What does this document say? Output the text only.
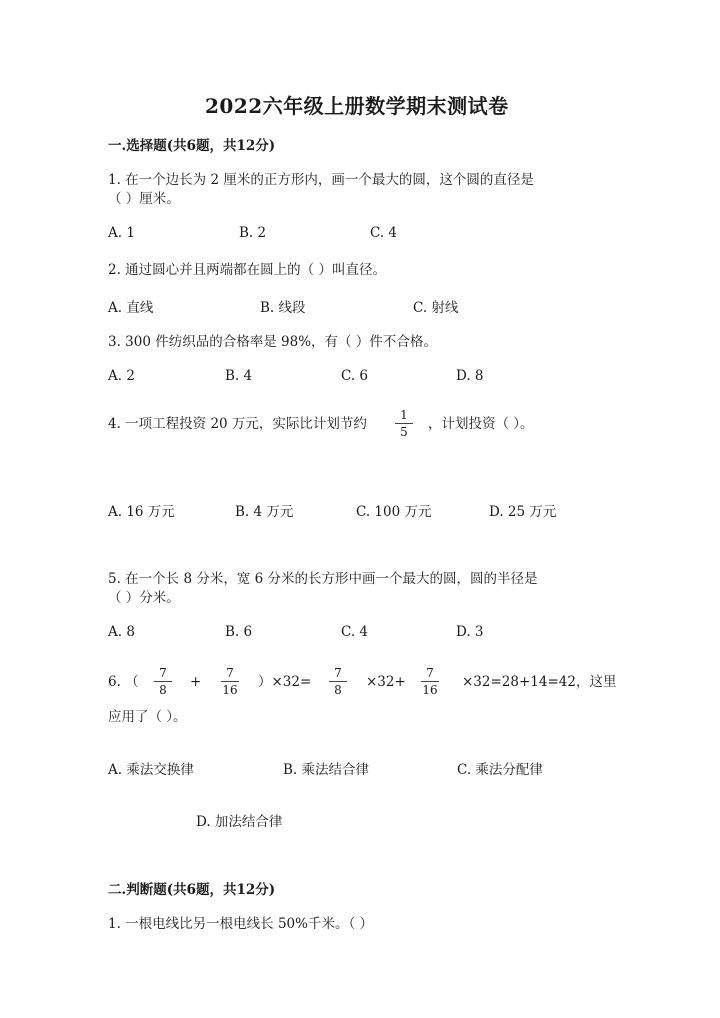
2022六年级上册数学期末测试卷
一.选择题(共6题，共12分)
1. 在一个边长为 2 厘米的正方形内，画一个最大的圆，这个圆的直径是
（ ）厘米。
A. 1	B. 2	C. 4
2. 通过圆心并且两端都在圆上的（ ）叫直径。
A. 直线	B. 线段	C. 射线
3. 300 件纺织品的合格率是 98%，有（ ）件不合格。
A. 2	B. 4	C. 6	D. 8
4. 一项工程投资 20 万元，实际比计划节约
1
5	，计划投资（ ）。
A. 16 万元	B. 4 万元	C. 100 万元	D. 25 万元
5. 在一个长 8 分米，宽 6 分米的长方形中画一个最大的圆，圆的半径是
（ ）分米。
A. 8	B. 6	C. 4	D. 3
6. （
7
8	+
7
16 ）×32=
7
8	×32+
7
16 ×32=28+14=42，这里
应用了（ ）。
A. 乘法交换律	B. 乘法结合律	C. 乘法分配律
D. 加法结合律
二.判断题(共6题，共12分)
1. 一根电线比另一根电线长 50%千米。（ ）
